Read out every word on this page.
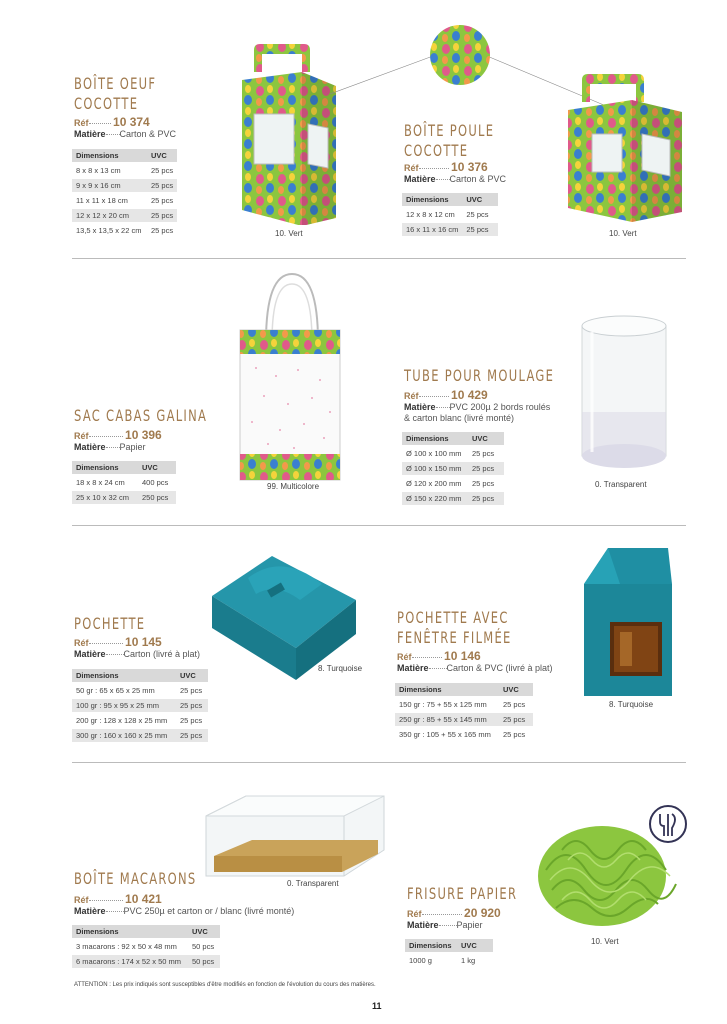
BOÎTE OEUF
COCOTTE
Réf 10 374
Matière Carton & PVC
Dimensions	UVC
8 x 8 x 13 cm	25 pcs
9 x 9 x 16 cm	25 pcs
11 x 11 x 18 cm	25 pcs
12 x 12 x 20 cm	25 pcs
13,5 x 13,5 x 22 cm	25 pcs	10. Vert
BOÎTE POULE
COCOTTE
Réf	10 376
Matière Carton & PVC
Dimensions	UVC
12 x 8 x 12 cm	25 pcs
16 x 11 x 16 cm	25 pcs	10. Vert
SAC CABAS GALINA
Réf	10 396
Matière Papier
Dimensions	UVC
18 x 8 x 24 cm	400 pcs
25 x 10 x 32 cm	250 pcs
99. Multicolore
TUBE POUR MOULAGE
Réf	10 429
Matière PVC 200µ 2 bords roulés
& carton blanc (livré monté)
Dimensions	UVC
Ø 100 x 100 mm	25 pcs
Ø 100 x 150 mm	25 pcs
Ø 120 x 200 mm	25 pcs
Ø 150 x 220 mm	25 pcs
0. Transparent
POCHETTE
Réf	10 145
Matière Carton (livré à plat)
Dimensions	UVC
50 gr : 65 x 65 x 25 mm	25 pcs
100 gr : 95 x 95 x 25 mm	25 pcs
200 gr : 128 x 128 x 25 mm	25 pcs
300 gr : 160 x 160 x 25 mm	25 pcs
8. Turquoise
POCHETTE AVEC
FENÊTRE FILMÉE
Réf	10 146
Matière Carton & PVC (livré à plat)
Dimensions	UVC
150 gr : 75 + 55 x 125 mm	25 pcs
250 gr : 85 + 55 x 145 mm	25 pcs
350 gr : 105 + 55 x 165 mm	25 pcs
8. Turquoise
BOÎTE MACARONS
Réf	10 421
Matière PVC 250µ et carton or / blanc (livré monté)
Dimensions	UVC
3 macarons : 92 x 50 x 48 mm	50 pcs
6 macarons : 174 x 52 x 50 mm	50 pcs
0. Transparent
FRISURE PAPIER
Réf	20 920
Matière Papier
Dimensions	UVC
1000 g	1 kg
10. Vert
ATTENTION : Les prix indiqués sont susceptibles d'être modifiés en fonction de l'évolution du cours des matières.
11
